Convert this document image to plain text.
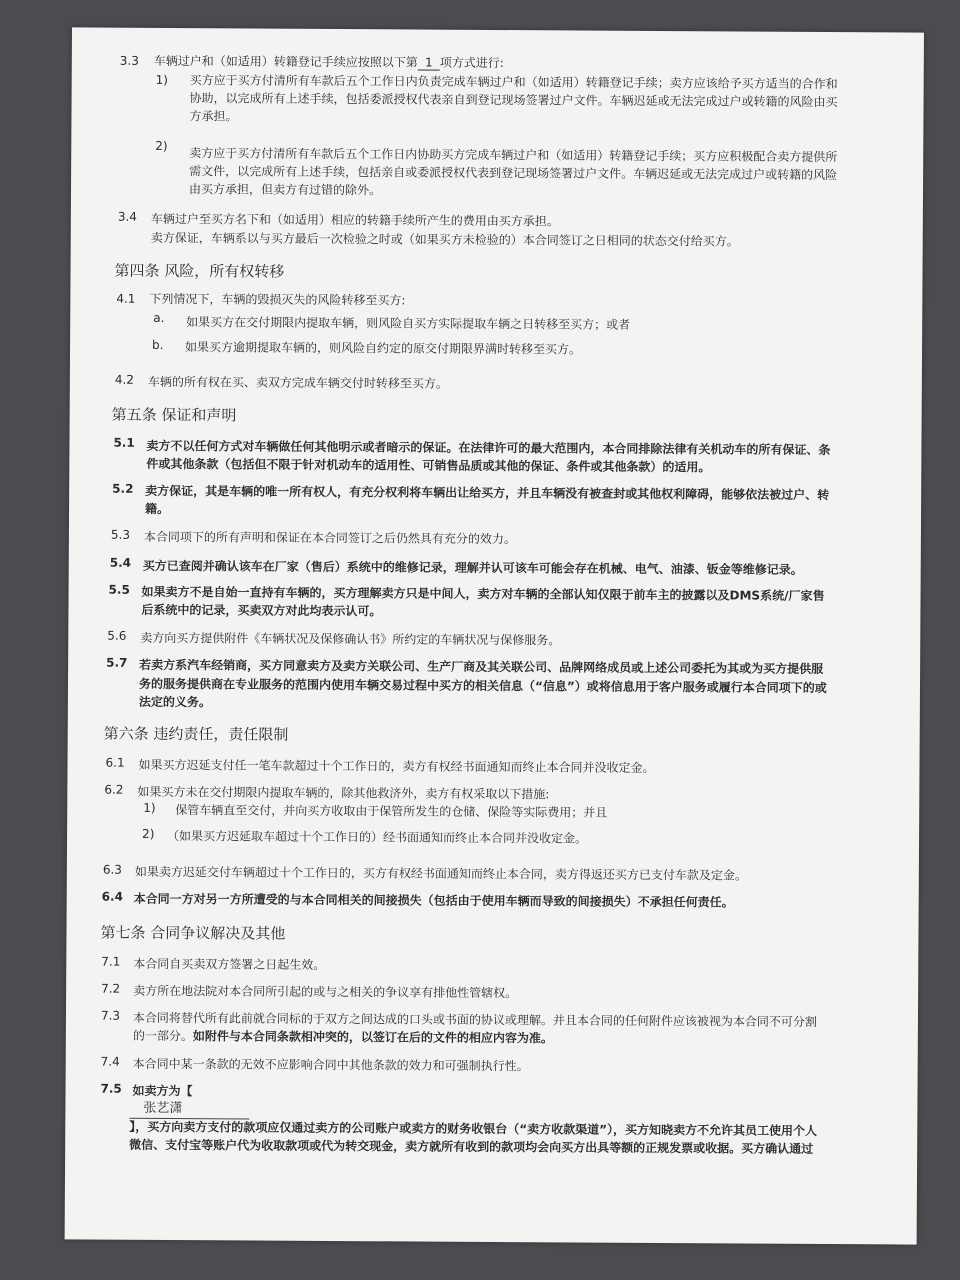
3.3 车辆过户和（如适用）转籍登记手续应按照以下第 1 项方式进行:
1) 买方应于买方付清所有车款后五个工作日内负责完成车辆过户和（如适用）转籍登记手续；卖方应该给予买方适当的合作和
协助，以完成所有上述手续，包括委派授权代表亲自到登记现场签署过户文件。车辆迟延或无法完成过户或转籍的风险由买
方承担。
2)
卖方应于买方付清所有车款后五个工作日内协助买方完成车辆过户和（如适用）转籍登记手续；买方应积极配合卖方提供所
需文件，以完成所有上述手续，包括亲自或委派授权代表到登记现场签署过户文件。车辆迟延或无法完成过户或转籍的风险
由买方承担，但卖方有过错的除外。
3.4 车辆过户至买方名下和（如适用）相应的转籍手续所产生的费用由买方承担。
卖方保证，车辆系以与买方最后一次检验之时或（如果买方未检验的）本合同签订之日相同的状态交付给买方。
第四条 风险，所有权转移
4.1 下列情况下，车辆的毁损灭失的风险转移至买方:
a. 如果买方在交付期限内提取车辆，则风险自买方实际提取车辆之日转移至买方；或者
b. 如果买方逾期提取车辆的，则风险自约定的原交付期限界满时转移至买方。
4.2 车辆的所有权在买、卖双方完成车辆交付时转移至买方。
第五条 保证和声明
5.1 卖方不以任何方式对车辆做任何其他明示或者暗示的保证。在法律许可的最大范围内，本合同排除法律有关机动车的所有保证、条
件或其他条款（包括但不限于针对机动车的适用性、可销售品质或其他的保证、条件或其他条款）的适用。
5.2 卖方保证，其是车辆的唯一所有权人，有充分权利将车辆出让给买方，并且车辆没有被查封或其他权利障碍，能够依法被过户、转
籍。
5.3 本合同项下的所有声明和保证在本合同签订之后仍然具有充分的效力。
5.4 买方已查阅并确认该车在厂家（售后）系统中的维修记录，理解并认可该车可能会存在机械、电气、油漆、钣金等维修记录。
5.5 如果卖方不是自始一直持有车辆的，买方理解卖方只是中间人，卖方对车辆的全部认知仅限于前车主的披露以及DMS系统/厂家售
后系统中的记录，买卖双方对此均表示认可。
5.6 卖方向买方提供附件《车辆状况及保修确认书》所约定的车辆状况与保修服务。
5.7 若卖方系汽车经销商，买方同意卖方及卖方关联公司、生产厂商及其关联公司、品牌网络成员或上述公司委托为其或为买方提供服
务的服务提供商在专业服务的范围内使用车辆交易过程中买方的相关信息（“信息”）或将信息用于客户服务或履行本合同项下的或
法定的义务。
第六条 违约责任，责任限制
6.1 如果买方迟延支付任一笔车款超过十个工作日的，卖方有权经书面通知而终止本合同并没收定金。
6.2 如果买方未在交付期限内提取车辆的，除其他救济外，卖方有权采取以下措施:
1) 保管车辆直至交付，并向买方收取由于保管所发生的仓储、保险等实际费用；并且
2) （如果买方迟延取车超过十个工作日的）经书面通知而终止本合同并没收定金。
6.3 如果卖方迟延交付车辆超过十个工作日的，买方有权经书面通知而终止本合同，卖方得返还买方已支付车款及定金。
6.4 本合同一方对另一方所遭受的与本合同相关的间接损失（包括由于使用车辆而导致的间接损失）不承担任何责任。
第七条 合同争议解决及其他
7.1 本合同自买卖双方签署之日起生效。
7.2 卖方所在地法院对本合同所引起的或与之相关的争议享有排他性管辖权。
7.3 本合同将替代所有此前就合同标的于双方之间达成的口头或书面的协议或理解。并且本合同的任何附件应该被视为本合同不可分割
的一部分。如附件与本合同条款相冲突的，以签订在后的文件的相应内容为准。
7.4 本合同中某一条款的无效不应影响合同中其他条款的效力和可强制执行性。
7.5 如卖方为【
张艺潇
】，买方向卖方支付的款项应仅通过卖方的公司账户或卖方的财务收银台（“卖方收款渠道”），买方知晓卖方不允许其员工使用个人
微信、支付宝等账户代为收取款项或代为转交现金，卖方就所有收到的款项均会向买方出具等额的正规发票或收据。买方确认通过
